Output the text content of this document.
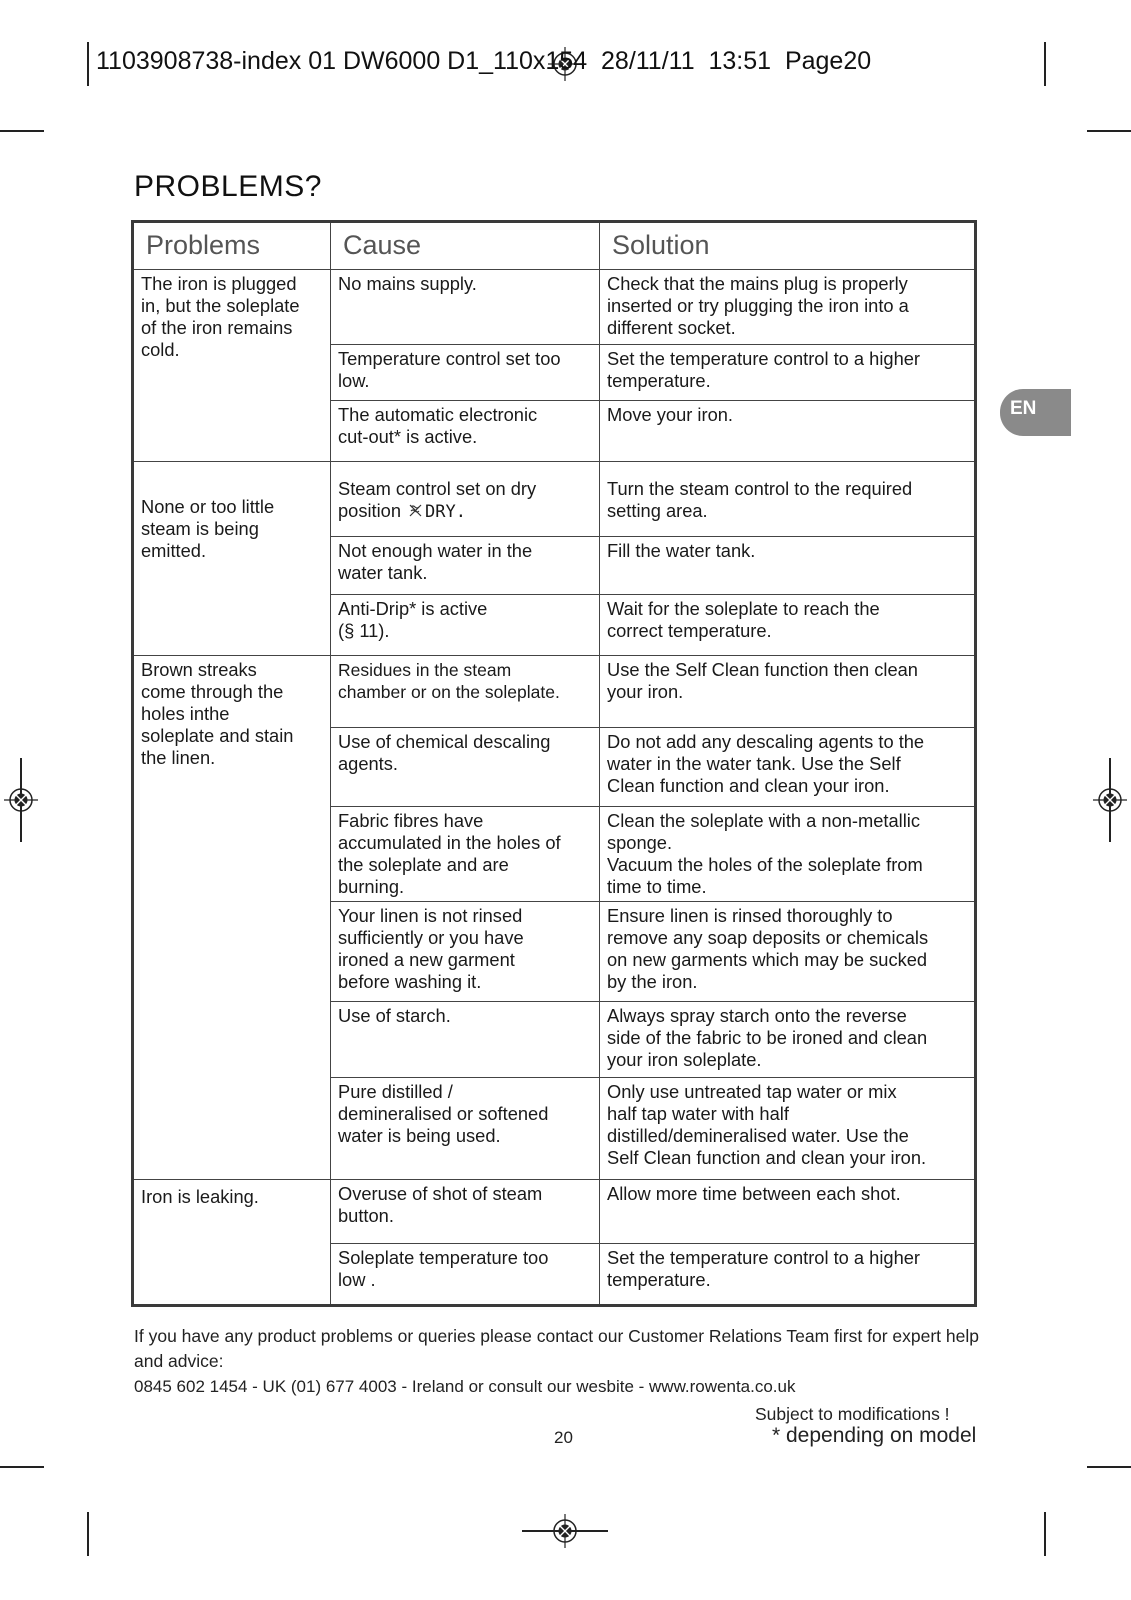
1103908738-index 01 DW6000 D1_110x154  28/11/11  13:51  Page20
PROBLEMS?
EN
Problems	Cause	Solution
The iron is plugged
in, but the soleplate
of the iron remains
cold.	No mains supply.	Check that the mains plug is properly
inserted or try plugging the iron into a
different socket.
	Temperature control set too
low.	Set the temperature control to a higher
temperature.
	The automatic electronic
cut-out* is active.	Move your iron.
None or too little
steam is being
emitted.	Steam control set on dry
position DRY.	Turn the steam control to the required
setting area.
	Not enough water in the
water tank.	Fill the water tank.
	Anti-Drip* is active
(§ 11).	Wait for the soleplate to reach the
correct temperature.
Brown streaks
come through the
holes inthe
soleplate and stain
the linen.	Residues in the steam
chamber or on the soleplate.	Use the Self Clean function then clean
your iron.
	Use of chemical descaling
agents.	Do not add any descaling agents to the
water in the water tank. Use the Self
Clean function and clean your iron.
	Fabric fibres have
accumulated in the holes of
the soleplate and are
burning.	Clean the soleplate with a non-metallic
sponge.
Vacuum the holes of the soleplate from
time to time.
	Your linen is not rinsed
sufficiently or you have
ironed a new garment
before washing it.	Ensure linen is rinsed thoroughly to
remove any soap deposits or chemicals
on new garments which may be sucked
by the iron.
	Use of starch.	Always spray starch onto the reverse
side of the fabric to be ironed and clean
your iron soleplate.
	Pure distilled /
demineralised or softened
water is being used.	Only use untreated tap water or mix
half tap water with half
distilled/demineralised water. Use the
Self Clean function and clean your iron.
Iron is leaking.	Overuse of shot of steam
button.	Allow more time between each shot.
	Soleplate temperature too
low .	Set the temperature control to a higher
temperature.
If you have any product problems or queries please contact our Customer Relations Team first for expert help and advice:
0845 602 1454 - UK (01) 677 4003 - Ireland or consult our wesbite - www.rowenta.co.uk
Subject to modifications !
20	* depending on model
